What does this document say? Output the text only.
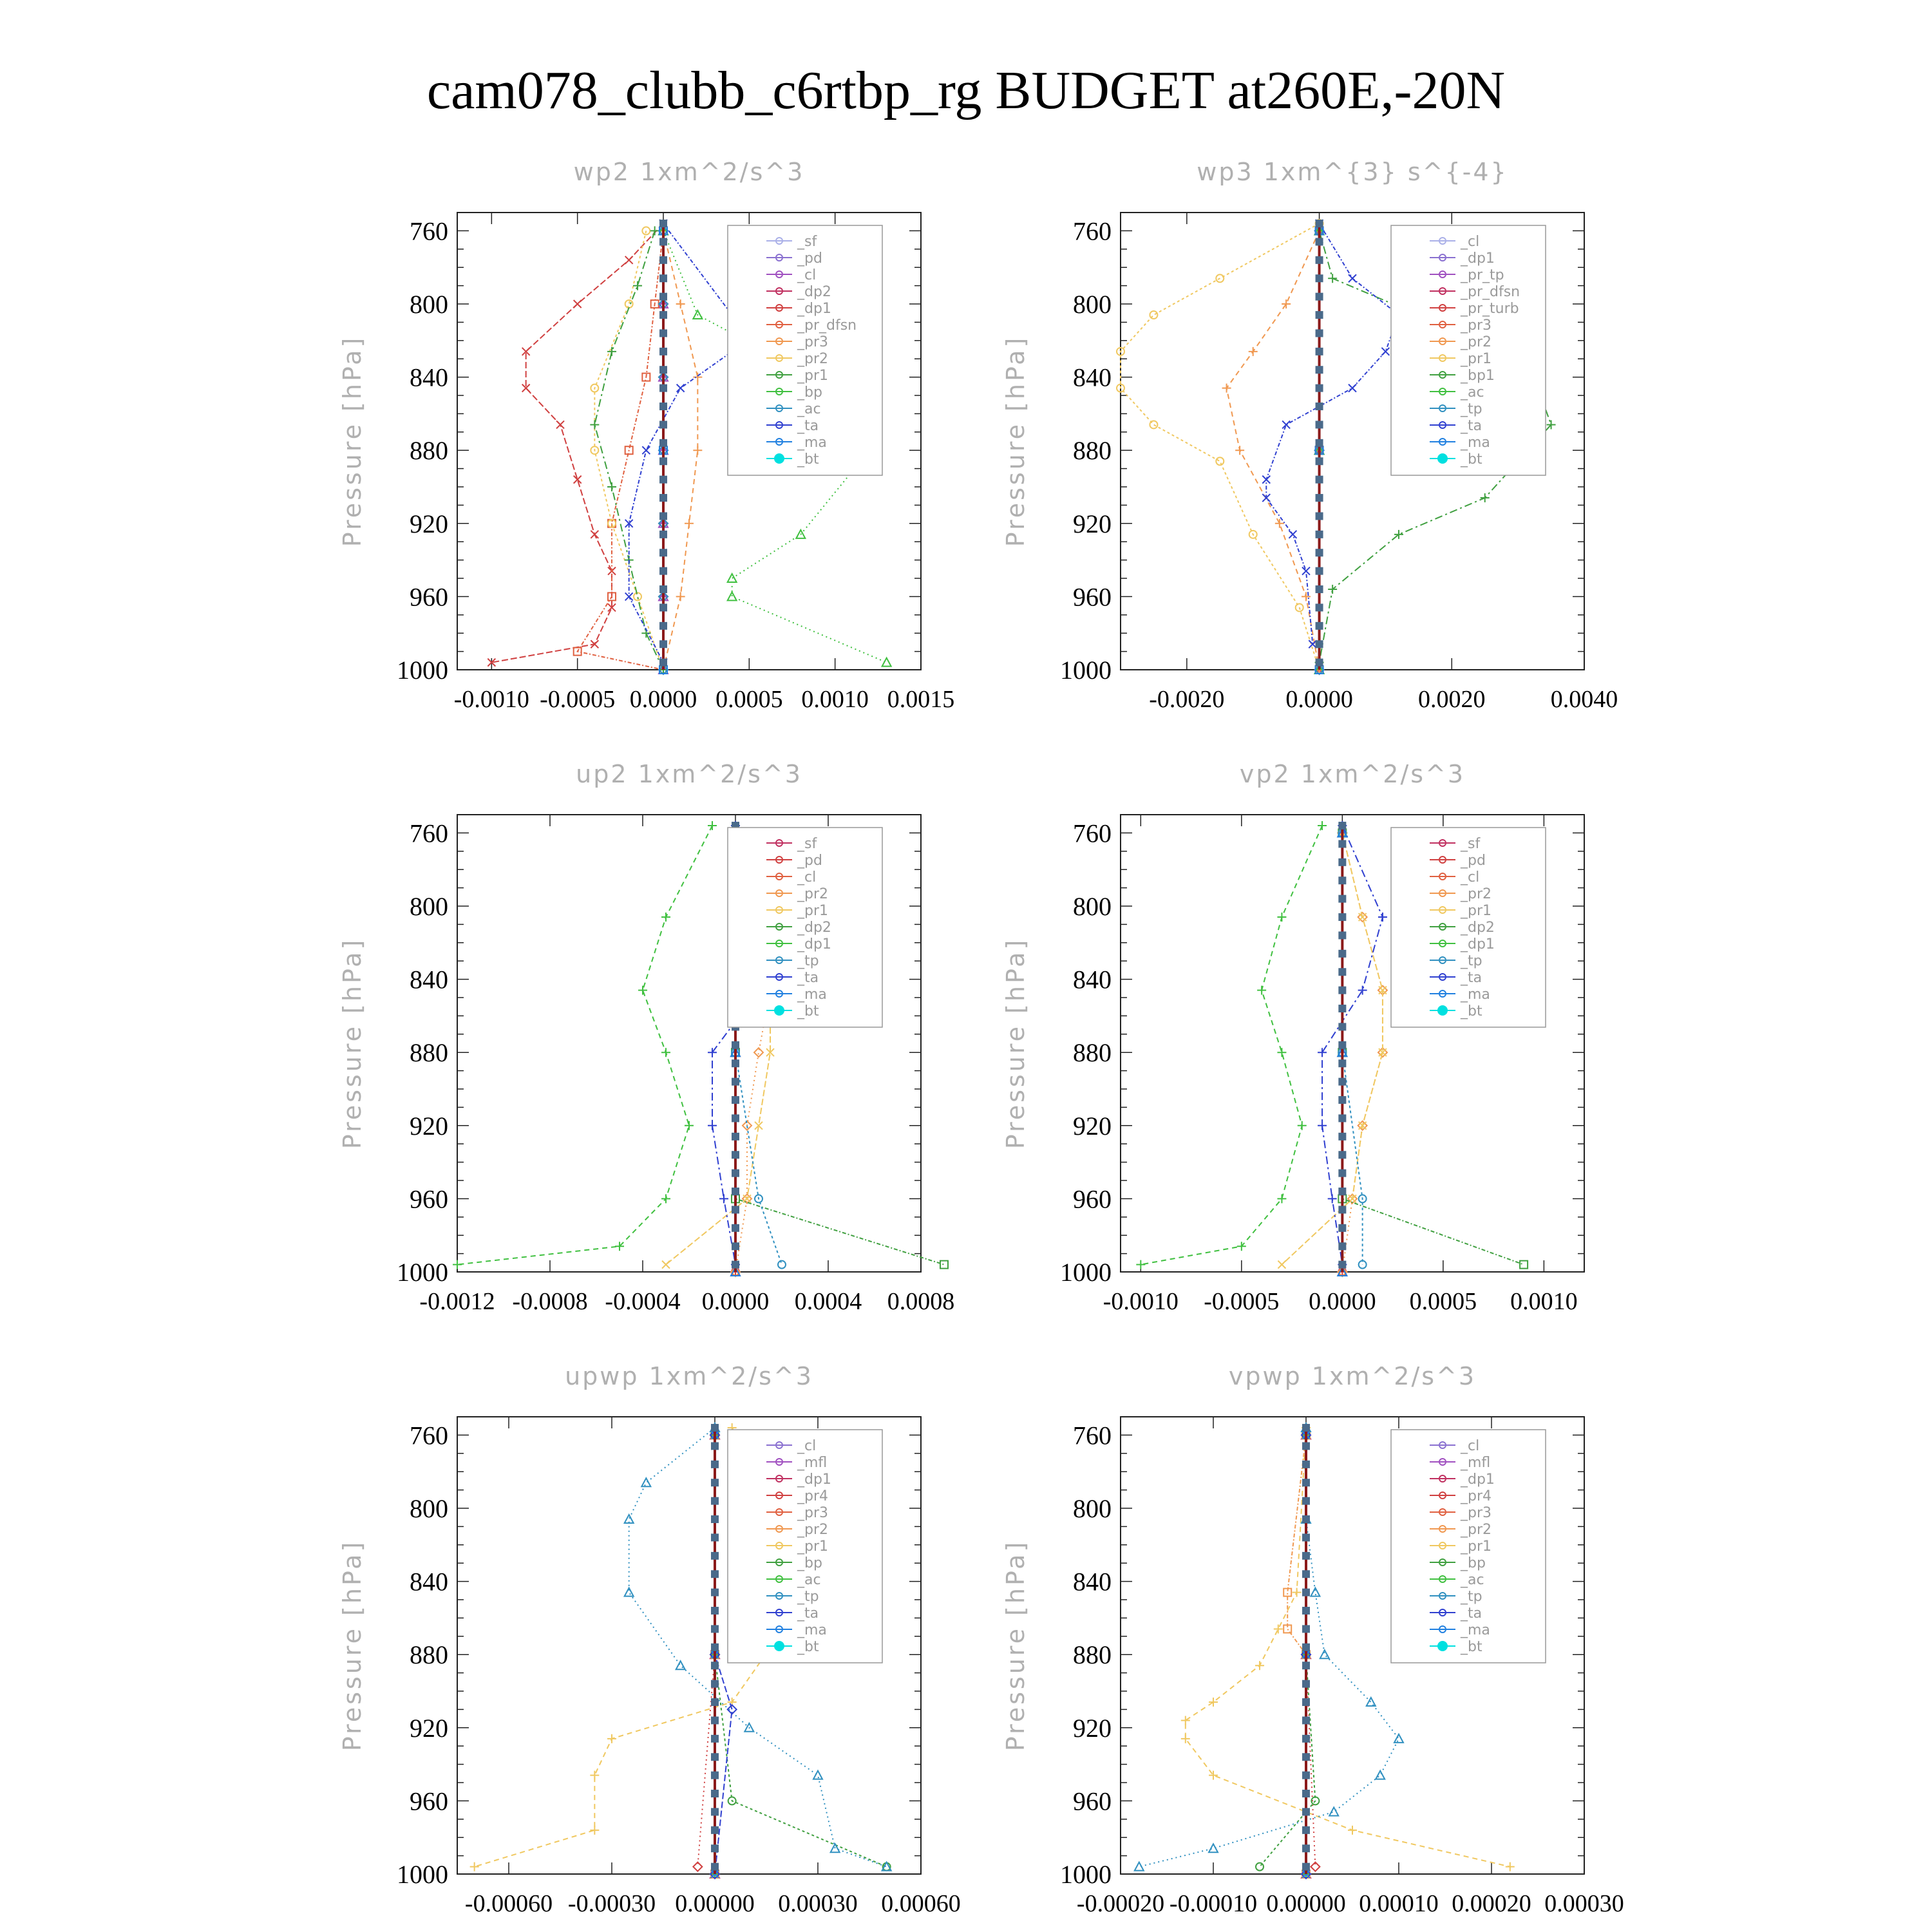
cam078_clubb_c6rtbp_rg BUDGET at260E,-20N
wp2 1xm^2/s^3
760
800
840
880
920
960
1000
-0.0010 -0.0005 0.0000 0.0005 0.0010 0.0015
Pressure [hPa]
_sf
_pd
_cl
_dp2
_dp1
_pr_dfsn
_pr3
_pr2
_pr1
_bp
_ac
_ta
_ma
_bt
wp3 1xm^{3} s^{-4}
760
800
840
880
920
960
1000
-0.0020 0.0000	0.0020	0.0040
Pressure [hPa]
_cl
_dp1
_pr_tp
_pr_dfsn
_pr_turb
_pr3
_pr2
_pr1
_bp1
_ac
_tp
_ta
_ma
_bt
up2 1xm^2/s^3
760
800
840
880
920
960
1000
-0.0012 -0.0008 -0.0004 0.0000 0.0004 0.0008
Pressure [hPa]
_sf
_pd
_cl
_pr2
_pr1
_dp2
_dp1
_tp
_ta
_ma
_bt
vp2 1xm^2/s^3
760
800
840
880
920
960
1000
-0.0010 -0.0005 0.0000 0.0005 0.0010
Pressure [hPa]
_sf
_pd
_cl
_pr2
_pr1
_dp2
_dp1
_tp
_ta
_ma
_bt
upwp 1xm^2/s^3
760
800
840
880
920
960
1000
-0.00060 -0.00030 0.00000 0.00030 0.00060
Pressure [hPa]
_cl
_mfl
_dp1
_pr4
_pr3
_pr2
_pr1
_bp
_ac
_tp
_ta
_ma
_bt
vpwp 1xm^2/s^3
760
800
840
880
920
960
1000
-0.00020 -0.00010 0.00000 0.00010 0.00020 0.00030
Pressure [hPa]
_cl
_mfl
_dp1
_pr4
_pr3
_pr2
_pr1
_bp
_ac
_tp
_ta
_ma
_bt
